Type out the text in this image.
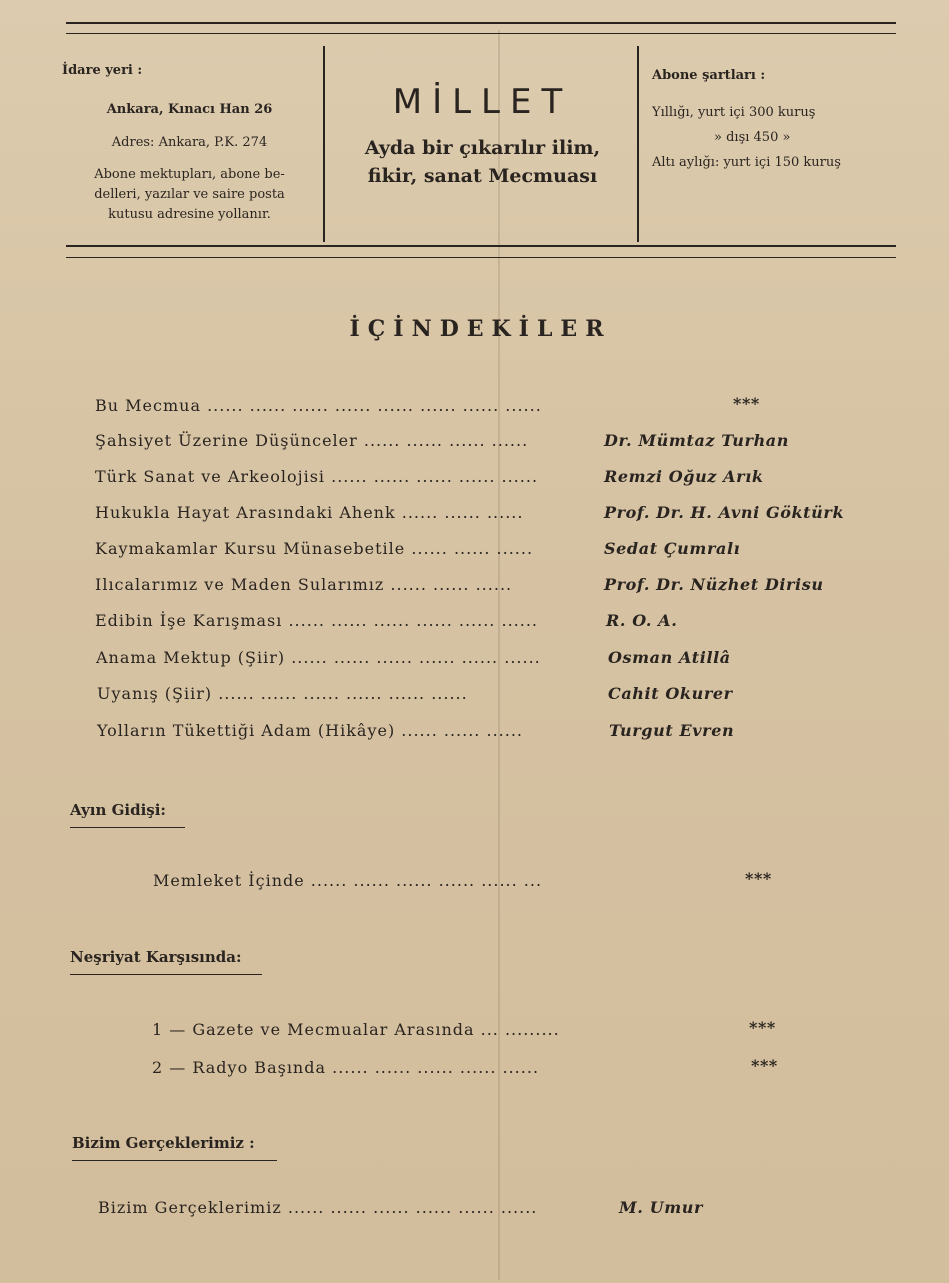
İdare yeri :
Ankara, Kınacı Han 26
Adres: Ankara, P.K. 274
Abone mektupları, abone be-
delleri, yazılar ve saire posta
kutusu adresine yollanır.
MİLLET
Ayda bir çıkarılır ilim,
fikir, sanat Mecmuası
Abone şartları :
Yıllığı, yurt içi 300 kuruş
» dışı 450 »
Altı aylığı: yurt içi 150 kuruş
İÇİNDEKİLER
Bu Mecmua ...... ...... ...... ...... ...... ...... ...... ......	***
Şahsiyet Üzerine Düşünceler ...... ...... ...... ......	Dr. Mümtaz Turhan
Türk Sanat ve Arkeolojisi ...... ...... ...... ...... ......	Remzi Oğuz Arık
Hukukla Hayat Arasındaki Ahenk ...... ...... ......	Prof. Dr. H. Avni Göktürk
Kaymakamlar Kursu Münasebetile ...... ...... ......	Sedat Çumralı
Ilıcalarımız ve Maden Sularımız ...... ...... ......	Prof. Dr. Nüzhet Dirisu
Edibin İşe Karışması ...... ...... ...... ...... ...... ......	R. O. A.
Anama Mektup (Şiir) ...... ...... ...... ...... ...... ......	Osman Atillâ
Uyanış (Şiir) ...... ...... ...... ...... ...... ......	Cahit Okurer
Yolların Tükettiği Adam (Hikâye) ...... ...... ......	Turgut Evren
Ayın Gidişi:
Memleket İçinde ...... ...... ...... ...... ...... ...	***
Neşriyat Karşısında:
1 — Gazete ve Mecmualar Arasında ... .........	***
2 — Radyo Başında ...... ...... ...... ...... ......	***
Bizim Gerçeklerimiz :
Bizim Gerçeklerimiz ...... ...... ...... ...... ...... ......	M. Umur
